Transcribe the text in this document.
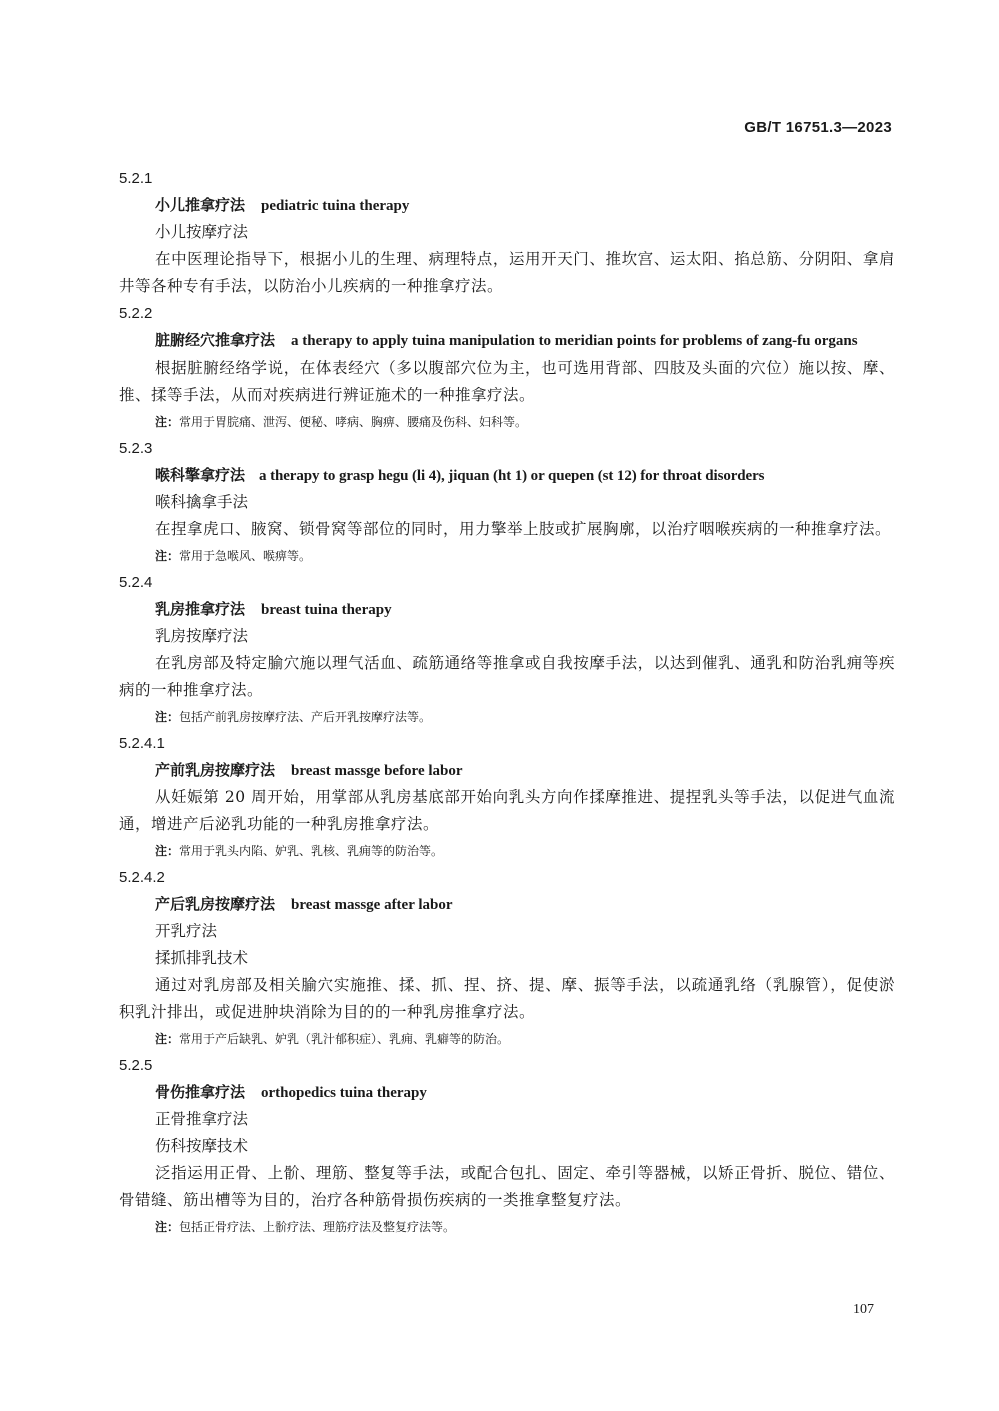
GB/T 16751.3—2023
5.2.1
小儿推拿疗法 pediatric tuina therapy
小儿按摩疗法
在中医理论指导下，根据小儿的生理、病理特点，运用开天门、推坎宫、运太阳、掐总筋、分阴阳、拿肩井等各种专有手法，以防治小儿疾病的一种推拿疗法。
5.2.2
脏腑经穴推拿疗法 a therapy to apply tuina manipulation to meridian points for problems of zang-fu organs
根据脏腑经络学说，在体表经穴（多以腹部穴位为主，也可选用背部、四肢及头面的穴位）施以按、摩、推、揉等手法，从而对疾病进行辨证施术的一种推拿疗法。
注：常用于胃脘痛、泄泻、便秘、哮病、胸痹、腰痛及伤科、妇科等。
5.2.3
喉科擎拿疗法 a therapy to grasp hegu (li 4), jiquan (ht 1) or quepen (st 12) for throat disorders
喉科擒拿手法
在捏拿虎口、腋窝、锁骨窝等部位的同时，用力擎举上肢或扩展胸廓，以治疗咽喉疾病的一种推拿疗法。
注：常用于急喉风、喉痹等。
5.2.4
乳房推拿疗法 breast tuina therapy
乳房按摩疗法
在乳房部及特定腧穴施以理气活血、疏筋通络等推拿或自我按摩手法，以达到催乳、通乳和防治乳痈等疾病的一种推拿疗法。
注：包括产前乳房按摩疗法、产后开乳按摩疗法等。
5.2.4.1
产前乳房按摩疗法 breast massge before labor
从妊娠第 20 周开始，用掌部从乳房基底部开始向乳头方向作揉摩推进、提捏乳头等手法，以促进气血流通，增进产后泌乳功能的一种乳房推拿疗法。
注：常用于乳头内陷、妒乳、乳核、乳痈等的防治等。
5.2.4.2
产后乳房按摩疗法 breast massge after labor
开乳疗法
揉抓排乳技术
通过对乳房部及相关腧穴实施推、揉、抓、捏、挤、提、摩、振等手法，以疏通乳络（乳腺管），促使淤积乳汁排出，或促进肿块消除为目的的一种乳房推拿疗法。
注：常用于产后缺乳、妒乳（乳汁郁积症）、乳痈、乳癖等的防治。
5.2.5
骨伤推拿疗法 orthopedics tuina therapy
正骨推拿疗法
伤科按摩技术
泛指运用正骨、上骱、理筋、整复等手法，或配合包扎、固定、牵引等器械，以矫正骨折、脱位、错位、骨错缝、筋出槽等为目的，治疗各种筋骨损伤疾病的一类推拿整复疗法。
注：包括正骨疗法、上骱疗法、理筋疗法及整复疗法等。
107
